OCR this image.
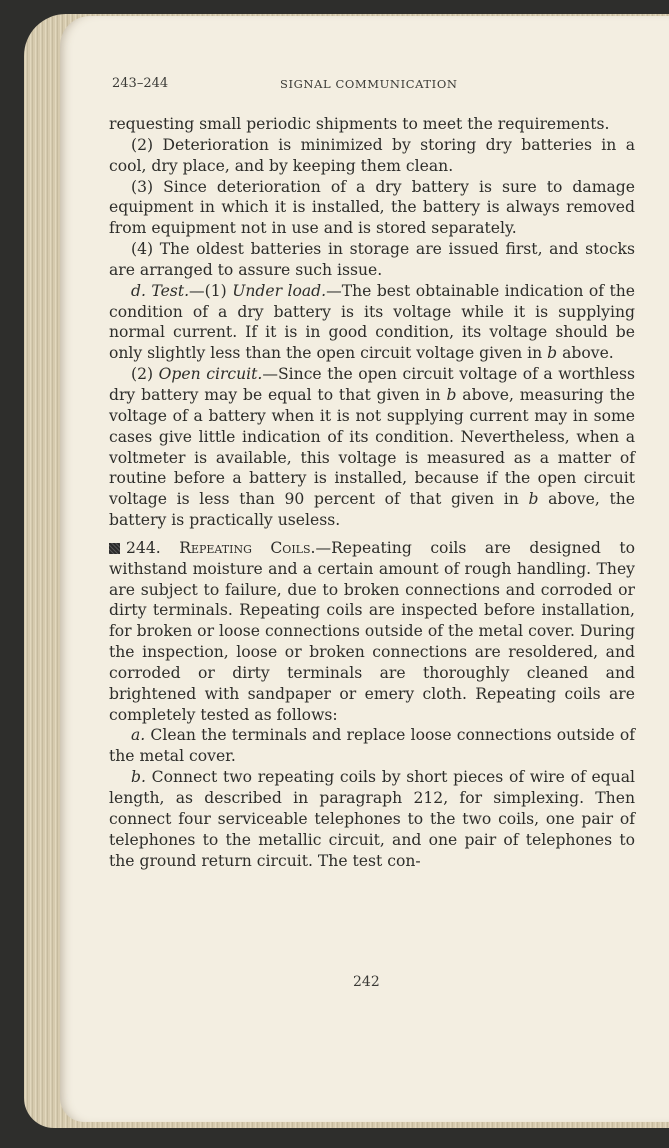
243–244	SIGNAL COMMUNICATION

requesting small periodic shipments to meet the requirements.

(2) Deterioration is minimized by storing dry batteries in a cool, dry place, and by keeping them clean.

(3) Since deterioration of a dry battery is sure to damage equipment in which it is installed, the battery is always removed from equipment not in use and is stored separately.

(4) The oldest batteries in storage are issued first, and stocks are arranged to assure such issue.

d. Test.—(1) Under load.—The best obtainable indication of the condition of a dry battery is its voltage while it is supplying normal current. If it is in good condition, its voltage should be only slightly less than the open circuit voltage given in b above.

(2) Open circuit.—Since the open circuit voltage of a worthless dry battery may be equal to that given in b above, measuring the voltage of a battery when it is not supplying current may in some cases give little indication of its condition. Nevertheless, when a voltmeter is available, this voltage is measured as a matter of routine before a battery is installed, because if the open circuit voltage is less than 90 percent of that given in b above, the battery is practically useless.

244. Repeating Coils.—Repeating coils are designed to withstand moisture and a certain amount of rough handling. They are subject to failure, due to broken connections and corroded or dirty terminals. Repeating coils are inspected before installation, for broken or loose connections outside of the metal cover. During the inspection, loose or broken connections are resoldered, and corroded or dirty terminals are thoroughly cleaned and brightened with sandpaper or emery cloth. Repeating coils are completely tested as follows:

a. Clean the terminals and replace loose connections outside of the metal cover.

b. Connect two repeating coils by short pieces of wire of equal length, as described in paragraph 212, for simplexing. Then connect four serviceable telephones to the two coils, one pair of telephones to the metallic circuit, and one pair of telephones to the ground return circuit. The test con-

242
